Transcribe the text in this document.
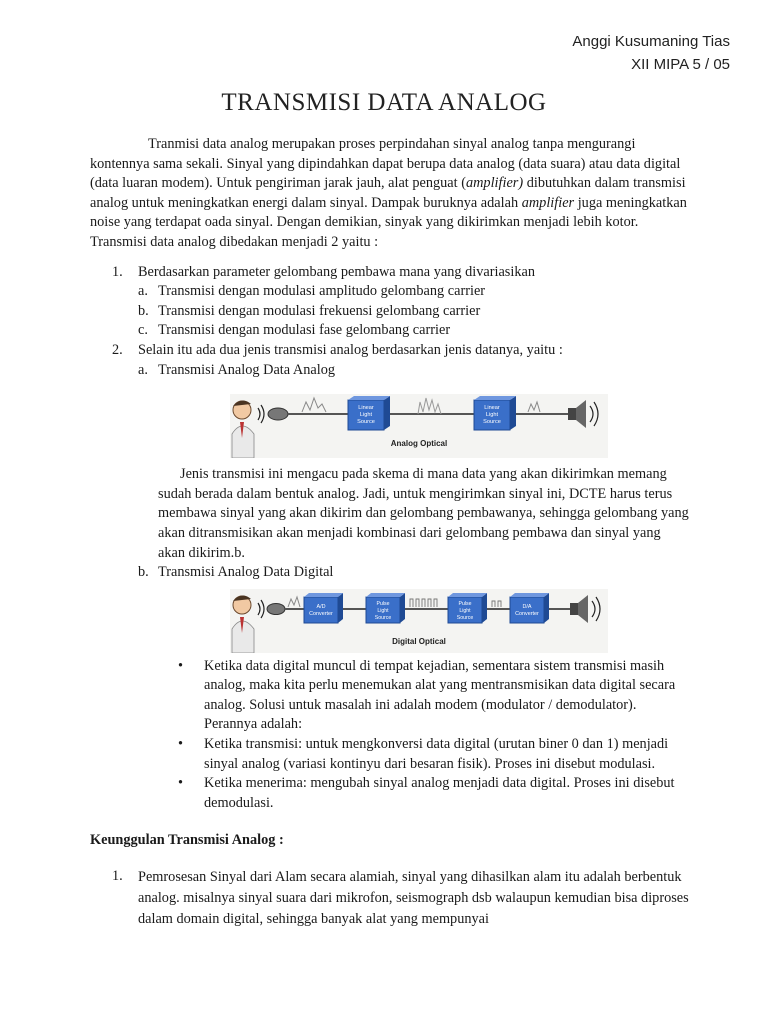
Anggi Kusumaning Tias
XII MIPA 5 / 05
TRANSMISI DATA ANALOG

Tranmisi data analog merupakan proses perpindahan sinyal analog tanpa mengurangi kontennya sama sekali. Sinyal yang dipindahkan dapat berupa data analog (data suara) atau data digital (data luaran modem). Untuk pengiriman jarak jauh, alat penguat (amplifier) dibutuhkan dalam transmisi analog untuk meningkatkan energi dalam sinyal. Dampak buruknya adalah amplifier juga meningkatkan noise yang terdapat oada sinyal. Dengan demikian, sinyak yang dikirimkan menjadi lebih kotor. Transmisi data analog dibedakan menjadi 2 yaitu :

1.	Berdasarkan parameter gelombang pembawa mana yang divariasikan
a. Transmisi dengan modulasi amplitudo gelombang carrier
b. Transmisi dengan modulasi frekuensi gelombang carrier
c. Transmisi dengan modulasi fase gelombang carrier
2.	Selain itu ada dua jenis transmisi analog berdasarkan jenis datanya, yaitu :
a. Transmisi Analog Data Analog
Linear
Light
Source
Linear
Light
Source
Analog Optical

Jenis transmisi ini mengacu pada skema di mana data yang akan dikirimkan memang sudah berada dalam bentuk analog. Jadi, untuk mengirimkan sinyal ini, DCTE harus terus membawa sinyal yang akan dikirim dan gelombang pembawanya, sehingga gelombang yang akan ditransmisikan akan menjadi kombinasi dari gelombang pembawa dan sinyal yang akan dikirim.b.

b. Transmisi Analog Data Digital
A/D
Converter
Pulse
Light
Source
Pulse
Light
Source
D/A
Converter
Digital Optical
•	Ketika data digital muncul di tempat kejadian, sementara sistem transmisi masih analog, maka kita perlu menemukan alat yang mentransmisikan data digital secara analog. Solusi untuk masalah ini adalah modem (modulator / demodulator). Perannya adalah:
•	Ketika transmisi: untuk mengkonversi data digital (urutan biner 0 dan 1) menjadi sinyal analog (variasi kontinyu dari besaran fisik). Proses ini disebut modulasi.
•	Ketika menerima: mengubah sinyal analog menjadi data digital. Proses ini disebut demodulasi.

Keunggulan Transmisi Analog :

1.	Pemrosesan Sinyal dari Alam secara alamiah, sinyal yang dihasilkan alam itu adalah berbentuk analog. misalnya sinyal suara dari mikrofon, seismograph dsb walaupun kemudian bisa diproses dalam domain digital, sehingga banyak alat yang mempunyai
